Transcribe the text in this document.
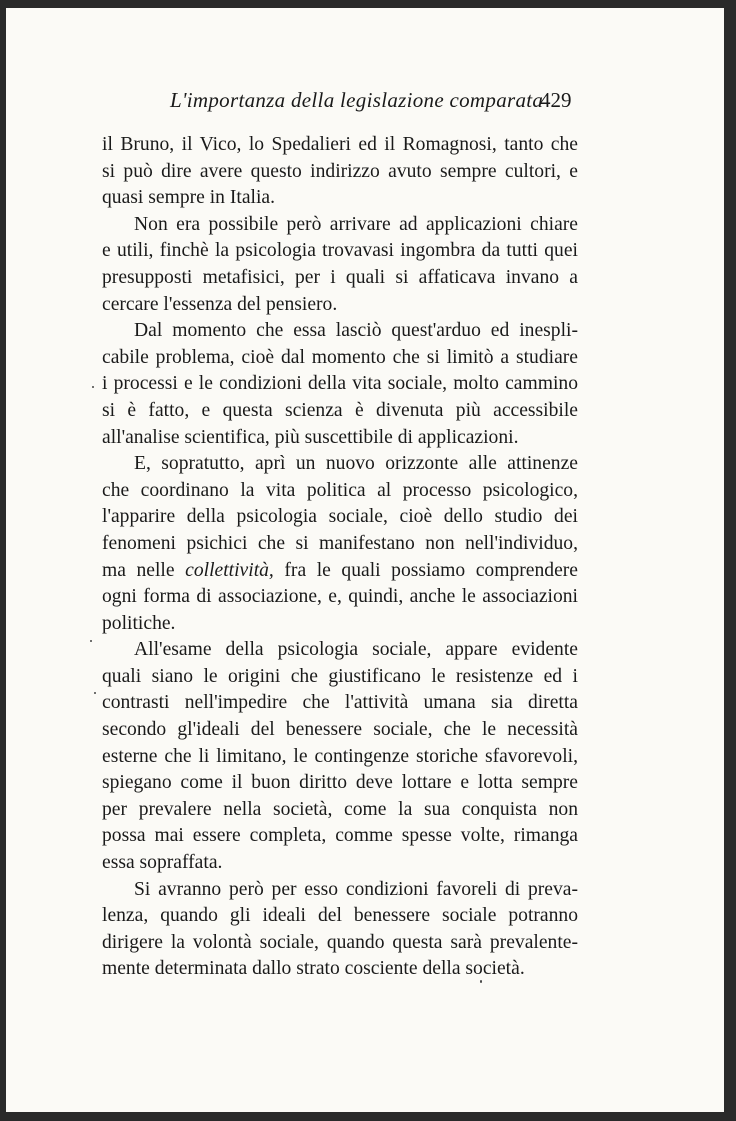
L'importanza della legislazione comparata
429
il Bruno, il Vico, lo Spedalieri ed il Romagnosi, tanto che
si può dire avere questo indirizzo avuto sempre cultori, e
quasi sempre in Italia.
Non era possibile però arrivare ad applicazioni chiare
e utili, finchè la psicologia trovavasi ingombra da tutti quei
presupposti metafisici, per i quali si affaticava invano a
cercare l'essenza del pensiero.
Dal momento che essa lasciò quest'arduo ed inespli-
cabile problema, cioè dal momento che si limitò a studiare
i processi e le condizioni della vita sociale, molto cammino
si è fatto, e questa scienza è divenuta più accessibile
all'analise scientifica, più suscettibile di applicazioni.
E, sopratutto, aprì un nuovo orizzonte alle attinenze
che coordinano la vita politica al processo psicologico,
l'apparire della psicologia sociale, cioè dello studio dei
fenomeni psichici che si manifestano non nell'individuo,
ma nelle collettività, fra le quali possiamo comprendere
ogni forma di associazione, e, quindi, anche le associazioni
politiche.
All'esame della psicologia sociale, appare evidente
quali siano le origini che giustificano le resistenze ed i
contrasti nell'impedire che l'attività umana sia diretta
secondo gl'ideali del benessere sociale, che le necessità
esterne che li limitano, le contingenze storiche sfavorevoli,
spiegano come il buon diritto deve lottare e lotta sempre
per prevalere nella società, come la sua conquista non
possa mai essere completa, comme spesse volte, rimanga
essa sopraffata.
Si avranno però per esso condizioni favoreli di preva-
lenza, quando gli ideali del benessere sociale potranno
dirigere la volontà sociale, quando questa sarà prevalente-
mente determinata dallo strato cosciente della società.
